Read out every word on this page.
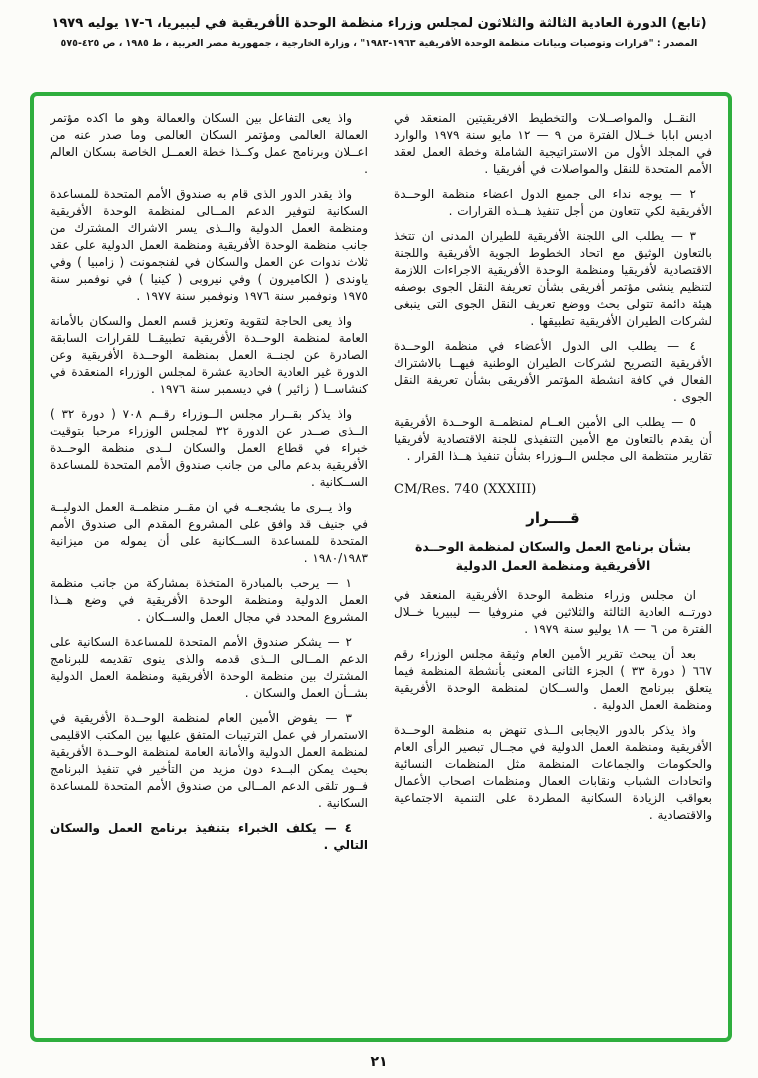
(تابع) الدورة العادية الثالثة والثلاثون لمجلس وزراء منظمة الوحدة الأفريقية في ليبيريا، ٦-١٧ يوليه ١٩٧٩
المصدر : "قرارات وتوصيات وبيانات منظمة الوحدة الأفريقية ١٩٦٣-١٩٨٣" ، وزارة الخارجية ، جمهورية مصر العربية ، ط ١٩٨٥ ، ص ٤٢٥-٥٧٥

النقــل والمواصــلات والتخطيط الافريقيتين المنعقد في اديس ابابا خــلال الفترة من ٩ — ١٢ مايو سنة ١٩٧٩ والوارد في المجلد الأول من الاستراتيجية الشاملة وخطة العمل لعقد الأمم المتحدة للنقل والمواصلات في أفريقيا .

٢ — يوجه نداء الى جميع الدول اعضاء منظمة الوحــدة الأفريقية لكي تتعاون من أجل تنفيذ هــذه القرارات .

٣ — يطلب الى اللجنة الأفريقية للطيران المدنى ان تتخذ بالتعاون الوثيق مع اتحاد الخطوط الجوية الأفريقية واللجنة الاقتصادية لأفريقيا ومنظمة الوحدة الأفريقية الاجراءات اللازمة لتنظيم ينشى مؤتمر أفريقى بشأن تعريفة النقل الجوى بوصفه هيئة دائمة تتولى بحث ووضع تعريف النقل الجوى التى ينبغى لشركات الطيران الأفريقية تطبيقها .

٤ — يطلب الى الدول الأعضاء في منظمة الوحــدة الأفريقية التصريح لشركات الطيران الوطنية فيهــا بالاشتراك الفعال في كافة انشطة المؤتمر الأفريقى بشأن تعريفة النقل الجوى .

٥ — يطلب الى الأمين العــام لمنظمــة الوحــدة الأفريقية أن يقدم بالتعاون مع الأمين التنفيذى للجنة الاقتصادية لأفريقيا تقارير منتظمة الى مجلس الــوزراء بشأن تنفيذ هــذا القرار .

CM/Res. 740 (XXXIII)
قــــرار
بشأن برنامج العمل والسكان لمنظمة الوحــدة الأفريقية ومنظمة العمل الدولية

ان مجلس وزراء منظمة الوحدة الأفريقية المنعقد في دورتــه العادية الثالثة والثلاثين في منروفيا — ليبيريا خــلال الفترة من ٦ — ١٨ يوليو سنة ١٩٧٩ .

بعد أن يبحث تقرير الأمين العام وثيقة مجلس الوزراء رقم ٦٦٧ ( دورة ٣٣ ) الجزء الثانى المعنى بأنشطة المنظمة فيما يتعلق ببرنامج العمل والســكان لمنظمة الوحدة الأفريقية ومنظمة العمل الدولية .

واذ يذكر بالدور الايجابى الــذى تنهض به منظمة الوحــدة الأفريقية ومنظمة العمل الدولية في مجــال تبصير الرأى العام والحكومات والجماعات المنظمة مثل المنظمات النسائية واتحادات الشباب ونقابات العمال ومنظمات اصحاب الأعمال بعواقب الزيادة السكانية المطردة على التنمية الاجتماعية والاقتصادية .

واذ يعى التفاعل بين السكان والعمالة وهو ما اكده مؤتمر العمالة العالمى ومؤتمر السكان العالمى وما صدر عنه من اعــلان وبرنامج عمل وكــذا خطة العمــل الخاصة بسكان العالم .

واذ يقدر الدور الذى قام به صندوق الأمم المتحدة للمساعدة السكانية لتوفير الدعم المــالى لمنظمة الوحدة الأفريقية ومنظمة العمل الدولية والــذى يسر الاشراك المشترك من جانب منظمة الوحدة الأفريقية ومنظمة العمل الدولية على عقد ثلاث ندوات عن العمل والسكان في لفنجمونت ( زامبيا ) وفي ياوندى ( الكاميرون ) وفي نيروبى ( كينيا ) في نوفمبر سنة ١٩٧٥ ونوفمبر سنة ١٩٧٦ ونوفمبر سنة ١٩٧٧ .

واذ يعى الحاجة لتقوية وتعزيز قسم العمل والسكان بالأمانة العامة لمنظمة الوحــدة الأفريقية تطبيقــا للقرارات السابقة الصادرة عن لجنــة العمل بمنظمة الوحــدة الأفريقية وعن الدورة غير العادية الحادية عشرة لمجلس الوزراء المنعقدة في كنشاســا ( زائير ) في ديسمبر سنة ١٩٧٦ .

واذ يذكر بقــرار مجلس الــوزراء رقــم ٧٠٨ ( دورة ٣٢ ) الــذى صــدر عن الدورة ٣٢ لمجلس الوزراء مرحبا بتوقيت خبراء في قطاع العمل والسكان لــدى منظمة الوحــدة الأفريقية بدعم مالى من جانب صندوق الأمم المتحدة للمساعدة الســكانية .

واذ يــرى ما يشجعــه في ان مقــر منظمــة العمل الدوليــة في جنيف قد وافق على المشروع المقدم الى صندوق الأمم المتحدة للمساعدة الســكانية على أن يموله من ميزانية ١٩٨٠/١٩٨٣ .

١ — يرحب بالمبادرة المتخذة بمشاركة من جانب منظمة العمل الدولية ومنظمة الوحدة الأفريقية في وضع هــذا المشروع المحدد في مجال العمل والســكان .

٢ — يشكر صندوق الأمم المتحدة للمساعدة السكانية على الدعم المــالى الــذى قدمه والذى ينوى تقديمه للبرنامج المشترك بين منظمة الوحدة الأفريقية ومنظمة العمل الدولية بشــأن العمل والسكان .

٣ — يفوض الأمين العام لمنظمة الوحــدة الأفريقية في الاستمرار في عمل الترتيبات المتفق عليها بين المكتب الاقليمى لمنظمة العمل الدولية والأمانة العامة لمنظمة الوحــدة الأفريقية بحيث يمكن البــدء دون مزيد من التأخير في تنفيذ البرنامج فــور تلقى الدعم المــالى من صندوق الأمم المتحدة للمساعدة السكانية .

٤ — يكلف الخبراء بتنفيذ برنامج العمل والسكان التالي .

٢١
